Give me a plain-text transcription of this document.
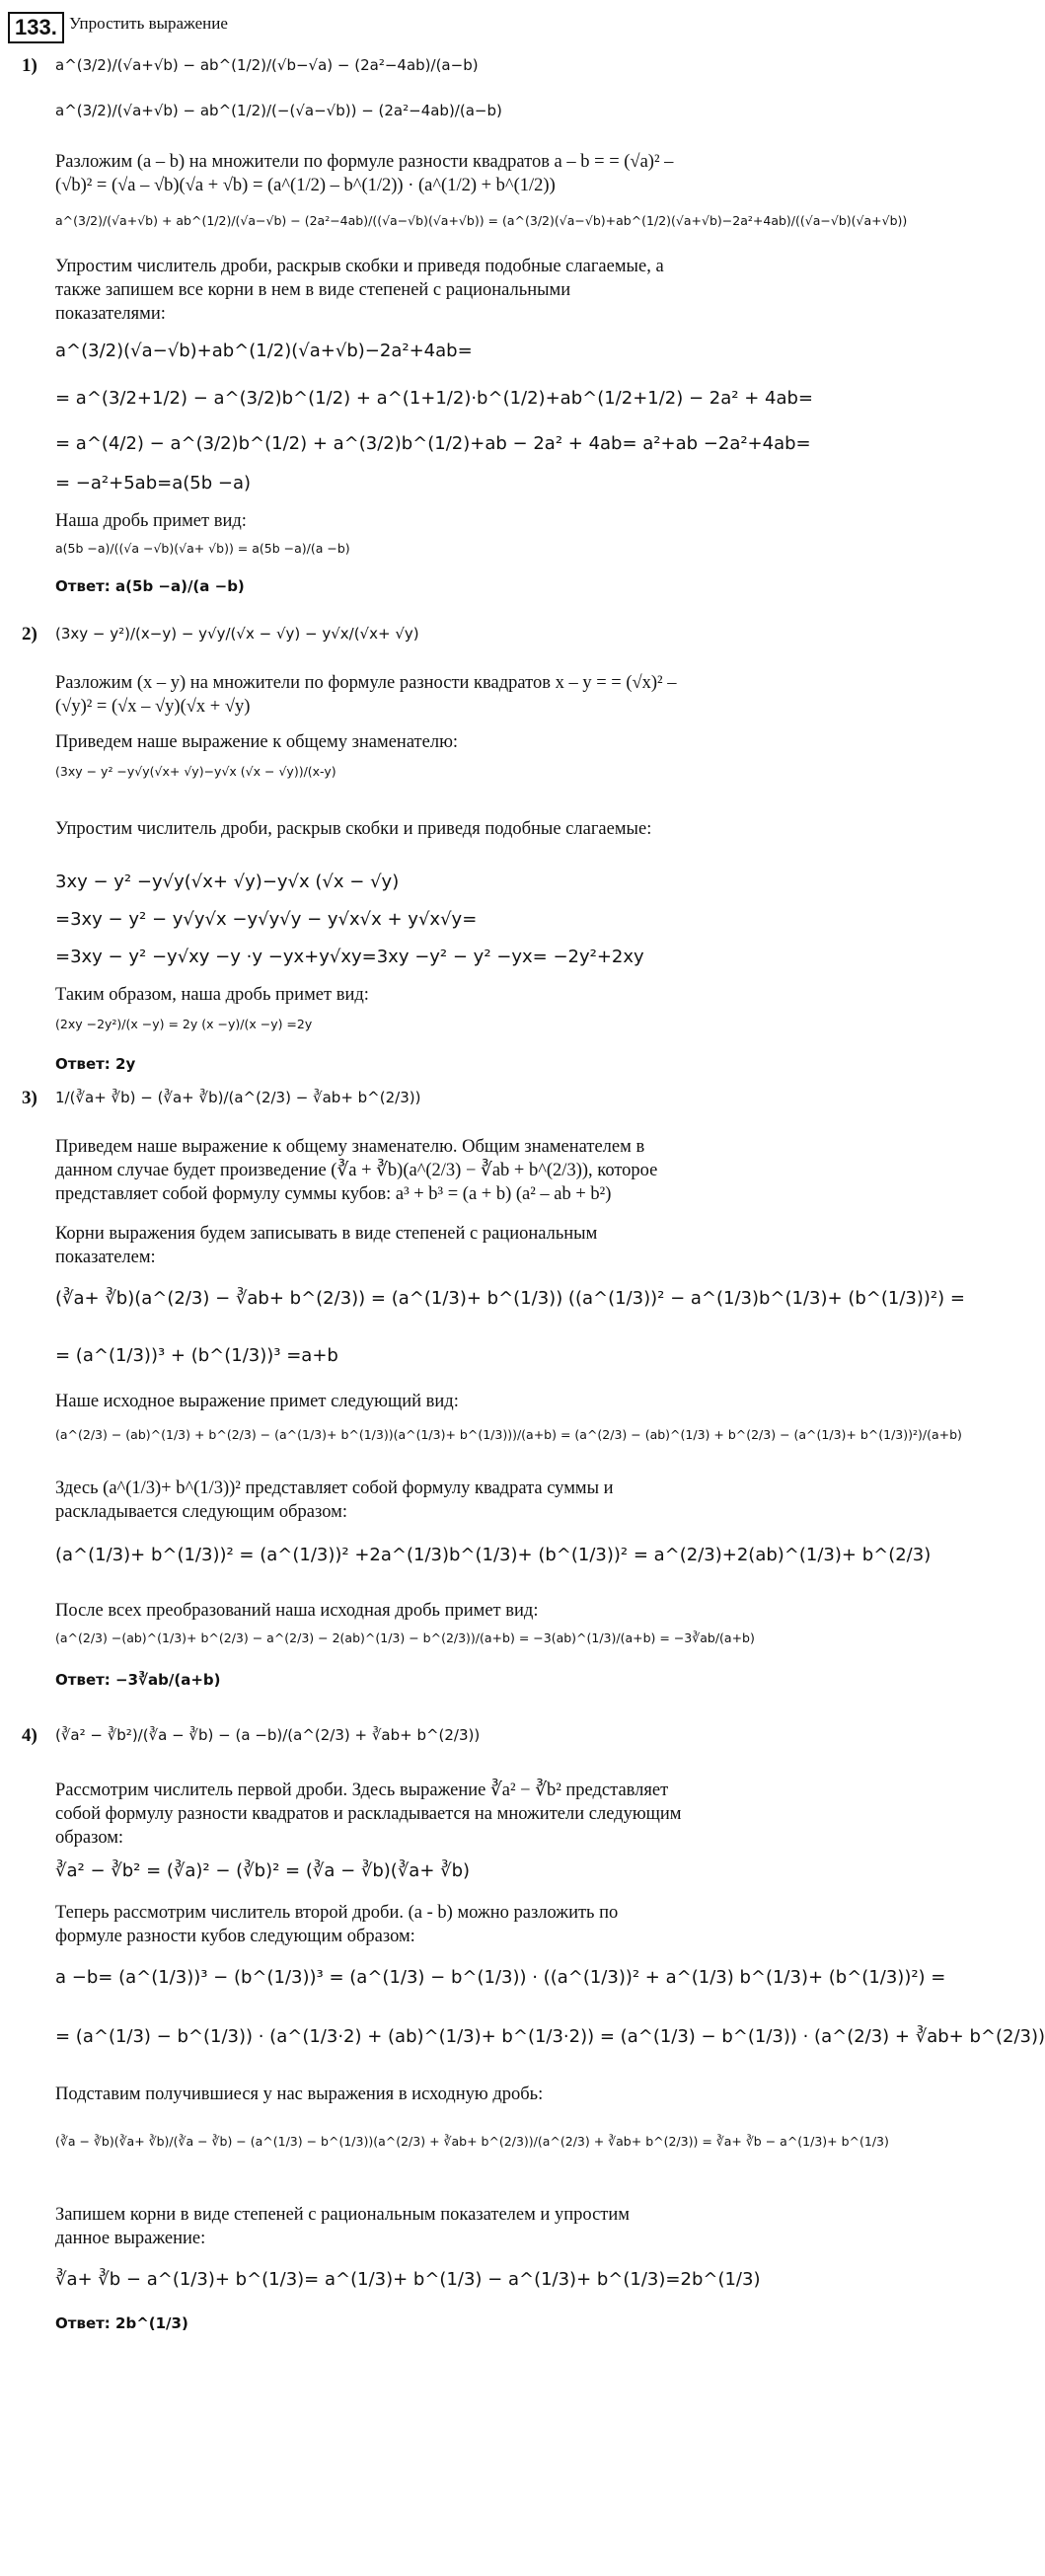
133. Упростить выражение
1) a^(3/2)/(√a+√b) − ab^(1/2)/(√b−√a) − (2a²−4ab)/(a−b)
a^(3/2)/(√a+√b) − ab^(1/2)/(−(√a−√b)) − (2a²−4ab)/(a−b)
Разложим (a – b) на множители по формуле разности квадратов a – b = = (√a)² – (√b)² = (√a – √b)(√a + √b) = (a^(1/2) – b^(1/2)) · (a^(1/2) + b^(1/2))
a^(3/2)/(√a+√b) + ab^(1/2)/(√a−√b) − (2a²−4ab)/((√a−√b)(√a+√b)) = (a^(3/2)(√a−√b)+ab^(1/2)(√a+√b)−2a²+4ab)/((√a−√b)(√a+√b))
Упростим числитель дроби, раскрыв скобки и приведя подобные слагаемые, а также запишем все корни в нем в виде степеней с рациональными показателями:
a^(3/2)(√a−√b)+ab^(1/2)(√a+√b)−2a²+4ab=
= a^(3/2+1/2) − a^(3/2)b^(1/2) + a^(1+1/2)·b^(1/2)+ab^(1/2+1/2) − 2a² + 4ab=
= a^(4/2) − a^(3/2)b^(1/2) + a^(3/2)b^(1/2)+ab − 2a² + 4ab= a²+ab −2a²+4ab=
= −a²+5ab=a(5b −a)
Наша дробь примет вид:
a(5b −a)/((√a −√b)(√a+ √b)) = a(5b −a)/(a −b)
Ответ: a(5b −a)/(a −b)
2) (3xy − y²)/(x−y) − y√y/(√x − √y) − y√x/(√x+ √y)
Разложим (x – y) на множители по формуле разности квадратов x – y = = (√x)² – (√y)² = (√x – √y)(√x + √y)
Приведем наше выражение к общему знаменателю:
(3xy − y² −y√y(√x+ √y)−y√x (√x − √y))/(x-y)
Упростим числитель дроби, раскрыв скобки и приведя подобные слагаемые:
3xy − y² −y√y(√x+ √y)−y√x (√x − √y)
=3xy − y² − y√y√x −y√y√y − y√x√x + y√x√y=
=3xy − y² −y√xy −y ·y −yx+y√xy=3xy −y² − y² −yx= −2y²+2xy
Таким образом, наша дробь примет вид:
(2xy −2y²)/(x −y) = 2y (x −y)/(x −y) =2y
Ответ: 2y
3) 1/(∛a+ ∛b) − (∛a+ ∛b)/(a^(2/3) − ∛ab+ b^(2/3))
Приведем наше выражение к общему знаменателю. Общим знаменателем в данном случае будет произведение (∛a + ∛b)(a^(2/3) − ∛ab + b^(2/3)), которое представляет собой формулу суммы кубов: a³ + b³ = (a + b) (a² – ab + b²)
Корни выражения будем записывать в виде степеней с рациональным показателем:
(∛a+ ∛b)(a^(2/3) − ∛ab+ b^(2/3)) = (a^(1/3)+ b^(1/3)) ((a^(1/3))² − a^(1/3)b^(1/3)+ (b^(1/3))²) =
= (a^(1/3))³ + (b^(1/3))³ =a+b
Наше исходное выражение примет следующий вид:
(a^(2/3) − (ab)^(1/3) + b^(2/3) − (a^(1/3)+ b^(1/3))(a^(1/3)+ b^(1/3)))/(a+b) = (a^(2/3) − (ab)^(1/3) + b^(2/3) − (a^(1/3)+ b^(1/3))²)/(a+b)
Здесь (a^(1/3)+ b^(1/3))² представляет собой формулу квадрата суммы и раскладывается следующим образом:
(a^(1/3)+ b^(1/3))² = (a^(1/3))² +2a^(1/3)b^(1/3)+ (b^(1/3))² = a^(2/3)+2(ab)^(1/3)+ b^(2/3)
После всех преобразований наша исходная дробь примет вид:
(a^(2/3) −(ab)^(1/3)+ b^(2/3) − a^(2/3) − 2(ab)^(1/3) − b^(2/3))/(a+b) = −3(ab)^(1/3)/(a+b) = −3∛ab/(a+b)
Ответ: −3∛ab/(a+b)
4) (∛a² − ∛b²)/(∛a − ∛b) − (a −b)/(a^(2/3) + ∛ab+ b^(2/3))
Рассмотрим числитель первой дроби. Здесь выражение ∛a² − ∛b² представляет собой формулу разности квадратов и раскладывается на множители следующим образом:
∛a² − ∛b² = (∛a)² − (∛b)² = (∛a − ∛b)(∛a+ ∛b)
Теперь рассмотрим числитель второй дроби. (a - b) можно разложить по формуле разности кубов следующим образом:
a −b= (a^(1/3))³ − (b^(1/3))³ = (a^(1/3) − b^(1/3)) · ((a^(1/3))² + a^(1/3) b^(1/3)+ (b^(1/3))²) =
= (a^(1/3) − b^(1/3)) · (a^(1/3·2) + (ab)^(1/3)+ b^(1/3·2)) = (a^(1/3) − b^(1/3)) · (a^(2/3) + ∛ab+ b^(2/3))
Подставим получившиеся у нас выражения в исходную дробь:
(∛a − ∛b)(∛a+ ∛b)/(∛a − ∛b) − (a^(1/3) − b^(1/3))(a^(2/3) + ∛ab+ b^(2/3))/(a^(2/3) + ∛ab+ b^(2/3)) = ∛a+ ∛b − a^(1/3)+ b^(1/3)
Запишем корни в виде степеней с рациональным показателем и упростим данное выражение:
∛a+ ∛b − a^(1/3)+ b^(1/3)= a^(1/3)+ b^(1/3) − a^(1/3)+ b^(1/3)=2b^(1/3)
Ответ: 2b^(1/3)
